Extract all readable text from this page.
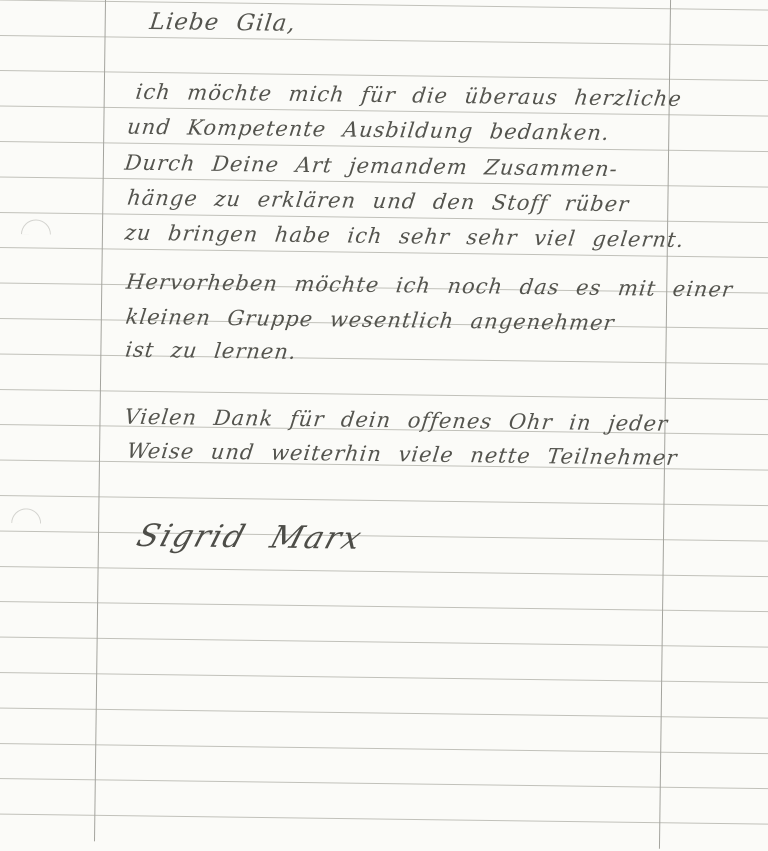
Liebe Gila,
ich möchte mich für die überaus herzliche
und Kompetente Ausbildung bedanken.
Durch Deine Art jemandem Zusammen-
hänge zu erklären und den Stoff rüber
zu bringen habe ich sehr sehr viel gelernt.
Hervorheben möchte ich noch das es mit einer
kleinen Gruppe wesentlich angenehmer
ist zu lernen.
Vielen Dank für dein offenes Ohr in jeder
Weise und weiterhin viele nette Teilnehmer
Sigrid Marx
